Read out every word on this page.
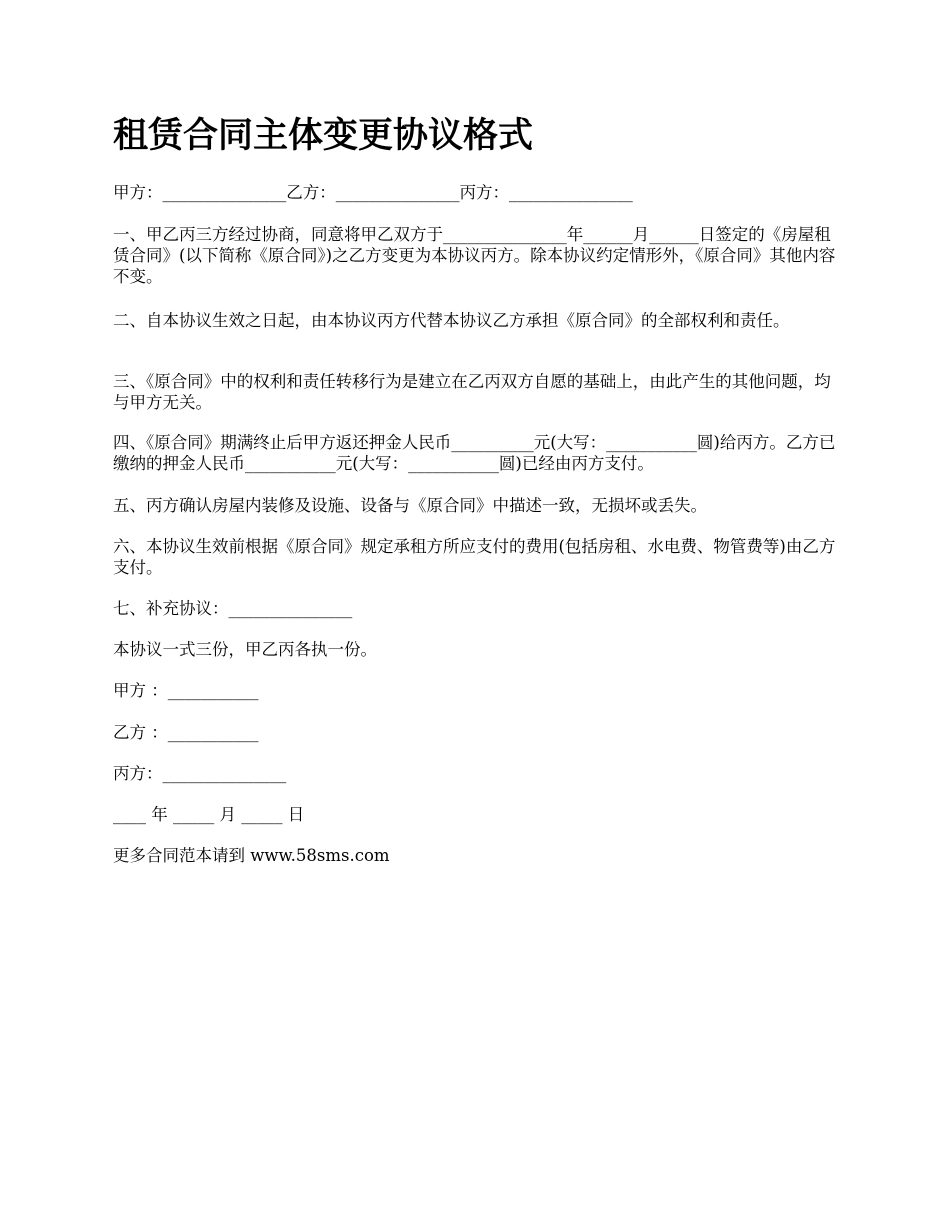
租赁合同主体变更协议格式

甲方：_______________乙方：_______________丙方：_______________

一、甲乙丙三方经过协商，同意将甲乙双方于_______________年______月______日签定的《房屋租赁合同》(以下简称《原合同》)之乙方变更为本协议丙方。除本协议约定情形外，《原合同》其他内容不变。

二、自本协议生效之日起，由本协议丙方代替本协议乙方承担《原合同》的全部权利和责任。

三、《原合同》中的权利和责任转移行为是建立在乙丙双方自愿的基础上，由此产生的其他问题，均与甲方无关。

四、《原合同》期满终止后甲方返还押金人民币__________元(大写：___________圆)给丙方。乙方已缴纳的押金人民币___________元(大写：___________圆)已经由丙方支付。

五、丙方确认房屋内装修及设施、设备与《原合同》中描述一致，无损坏或丢失。

六、本协议生效前根据《原合同》规定承租方所应支付的费用(包括房租、水电费、物管费等)由乙方支付。

七、补充协议：_______________

本协议一式三份，甲乙丙各执一份。

甲方 ：___________

乙方 ：___________

丙方：_______________

____ 年 _____ 月 _____ 日

更多合同范本请到 www.58sms.com
